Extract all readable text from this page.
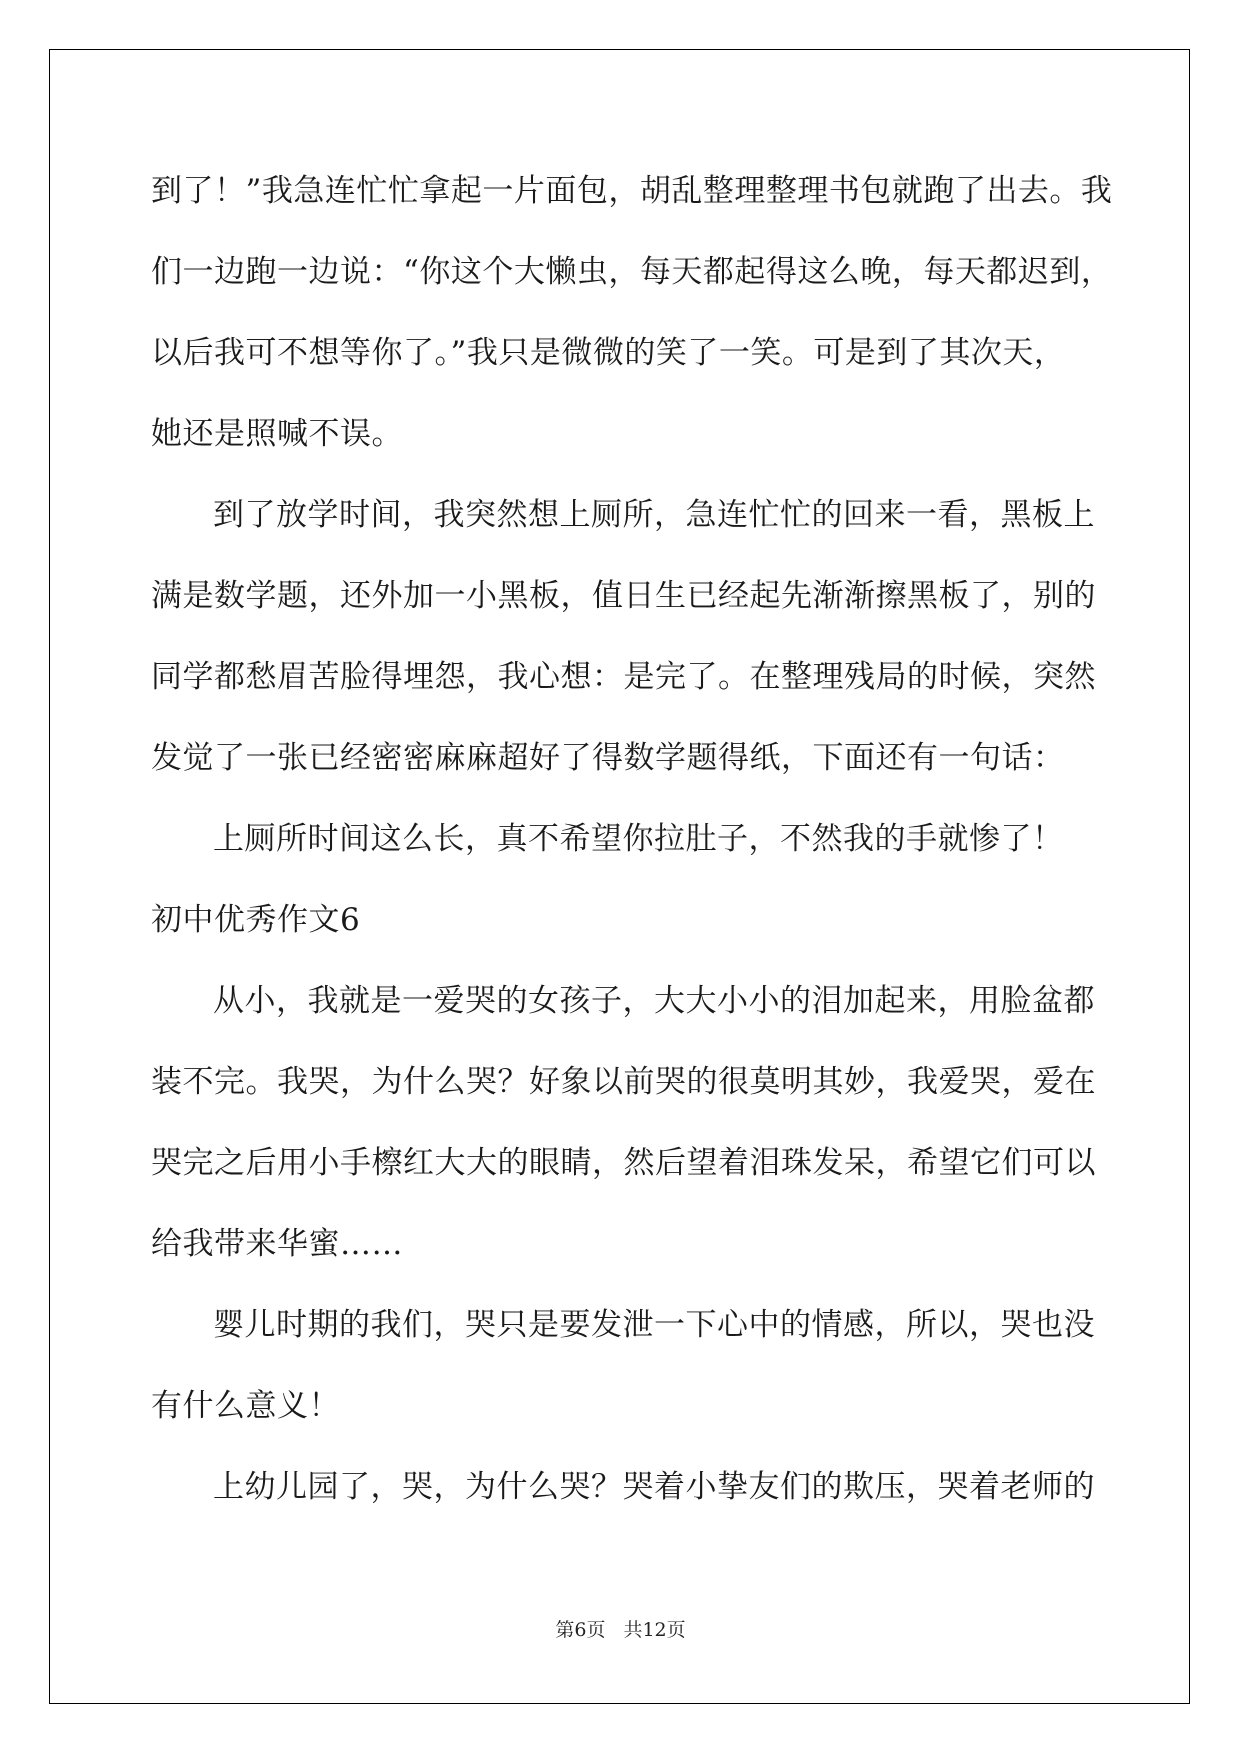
到了！”我急连忙忙拿起一片面包，胡乱整理整理书包就跑了出去。我
们一边跑一边说：“你这个大懒虫，每天都起得这么晚，每天都迟到，
以后我可不想等你了。”我只是微微的笑了一笑。可是到了其次天，
她还是照喊不误。
到了放学时间，我突然想上厕所，急连忙忙的回来一看，黑板上
满是数学题，还外加一小黑板，值日生已经起先渐渐擦黑板了，别的
同学都愁眉苦脸得埋怨，我心想：是完了。在整理残局的时候，突然
发觉了一张已经密密麻麻超好了得数学题得纸，下面还有一句话：
上厕所时间这么长，真不希望你拉肚子，不然我的手就惨了！
初中优秀作文6
从小，我就是一爱哭的女孩子，大大小小的泪加起来，用脸盆都
装不完。我哭，为什么哭？好象以前哭的很莫明其妙，我爱哭，爱在
哭完之后用小手檫红大大的眼睛，然后望着泪珠发呆，希望它们可以
给我带来华蜜……
婴儿时期的我们，哭只是要发泄一下心中的情感，所以，哭也没
有什么意义！
上幼儿园了，哭，为什么哭？哭着小挚友们的欺压，哭着老师的
第6页 共12页
